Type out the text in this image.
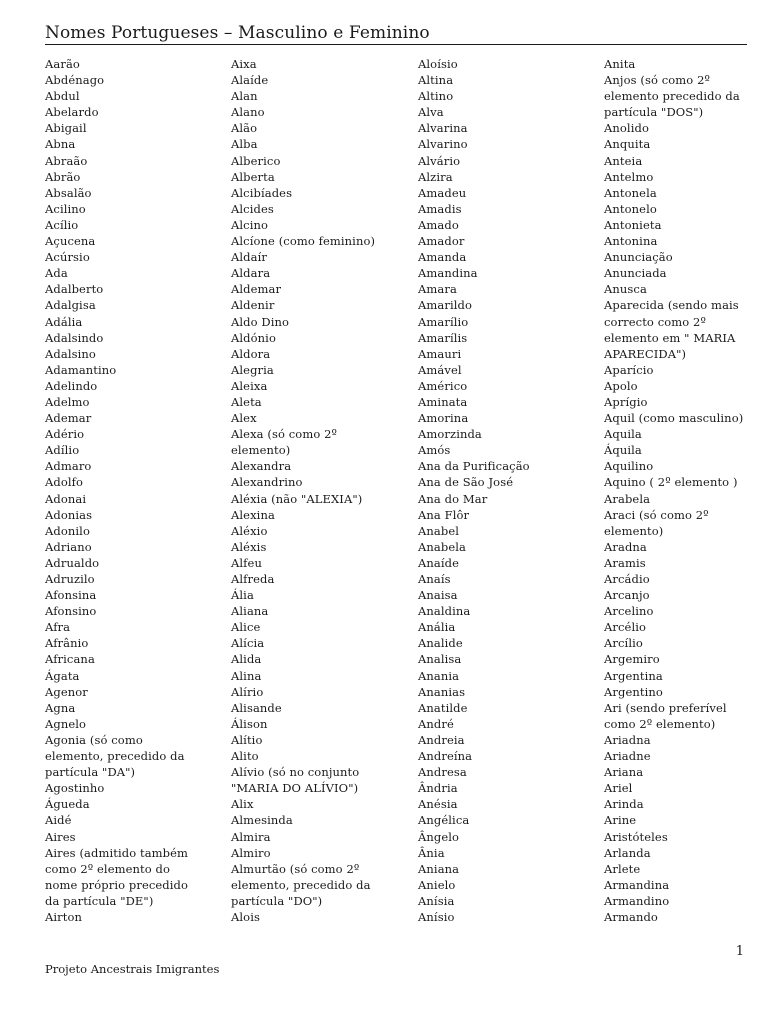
Nomes Portugueses – Masculino e Feminino
Aarão
Abdénago
Abdul
Abelardo
Abigail
Abna
Abraão
Abrão
Absalão
Acilino
Acílio
Açucena
Acúrsio
Ada
Adalberto
Adalgisa
Adália
Adalsindo
Adalsino
Adamantino
Adelindo
Adelmo
Ademar
Adério
Adílio
Admaro
Adolfo
Adonai
Adonias
Adonilo
Adriano
Adrualdo
Adruzilo
Afonsina
Afonsino
Afra
Afrânio
Africana
Ágata
Agenor
Agna
Agnelo
Agonia (só como
elemento, precedido da
partícula "DA")
Agostinho
Águeda
Aidé
Aires
Aires (admitido também
como 2º elemento do
nome próprio precedido
da partícula "DE")
Airton
Aixa
Alaíde
Alan
Alano
Alão
Alba
Alberico
Alberta
Alcibíades
Alcides
Alcino
Alcíone (como feminino)
Aldaír
Aldara
Aldemar
Aldenir
Aldo Dino
Aldónio
Aldora
Alegria
Aleixa
Aleta
Alex
Alexa (só como 2º
elemento)
Alexandra
Alexandrino
Aléxia (não "ALEXIA")
Alexina
Aléxio
Aléxis
Alfeu
Alfreda
Ália
Aliana
Alice
Alícia
Alida
Alina
Alírio
Alisande
Álison
Alítio
Alito
Alívio (só no conjunto
"MARIA DO ALÍVIO")
Alix
Almesinda
Almira
Almiro
Almurtão (só como 2º
elemento, precedido da
partícula "DO")
Alois
Aloísio
Altina
Altino
Alva
Alvarina
Alvarino
Alvário
Alzira
Amadeu
Amadis
Amado
Amador
Amanda
Amandina
Amara
Amarildo
Amarílio
Amarílis
Amauri
Amável
Américo
Aminata
Amorina
Amorzinda
Amós
Ana da Purificação
Ana de São José
Ana do Mar
Ana Flôr
Anabel
Anabela
Anaíde
Anaís
Anaisa
Analdina
Anália
Analide
Analisa
Anania
Ananias
Anatilde
André
Andreia
Andreína
Andresa
Ândria
Anésia
Angélica
Ângelo
Ânia
Aniana
Anielo
Anísia
Anísio
Anita
Anjos (só como 2º
elemento precedido da
partícula "DOS")
Anolido
Anquita
Anteia
Antelmo
Antonela
Antonelo
Antonieta
Antonina
Anunciação
Anunciada
Anusca
Aparecida (sendo mais
correcto como 2º
elemento em " MARIA
APARECIDA")
Aparício
Apolo
Aprígio
Aquil (como masculino)
Aquila
Áquila
Aquilino
Aquino ( 2º elemento )
Arabela
Araci (só como 2º
elemento)
Aradna
Aramis
Arcádio
Arcanjo
Arcelino
Arcélio
Arcílio
Argemiro
Argentina
Argentino
Ari (sendo preferível
como 2º elemento)
Ariadna
Ariadne
Ariana
Ariel
Arinda
Arine
Aristóteles
Arlanda
Arlete
Armandina
Armandino
Armando
1
Projeto Ancestrais Imigrantes
